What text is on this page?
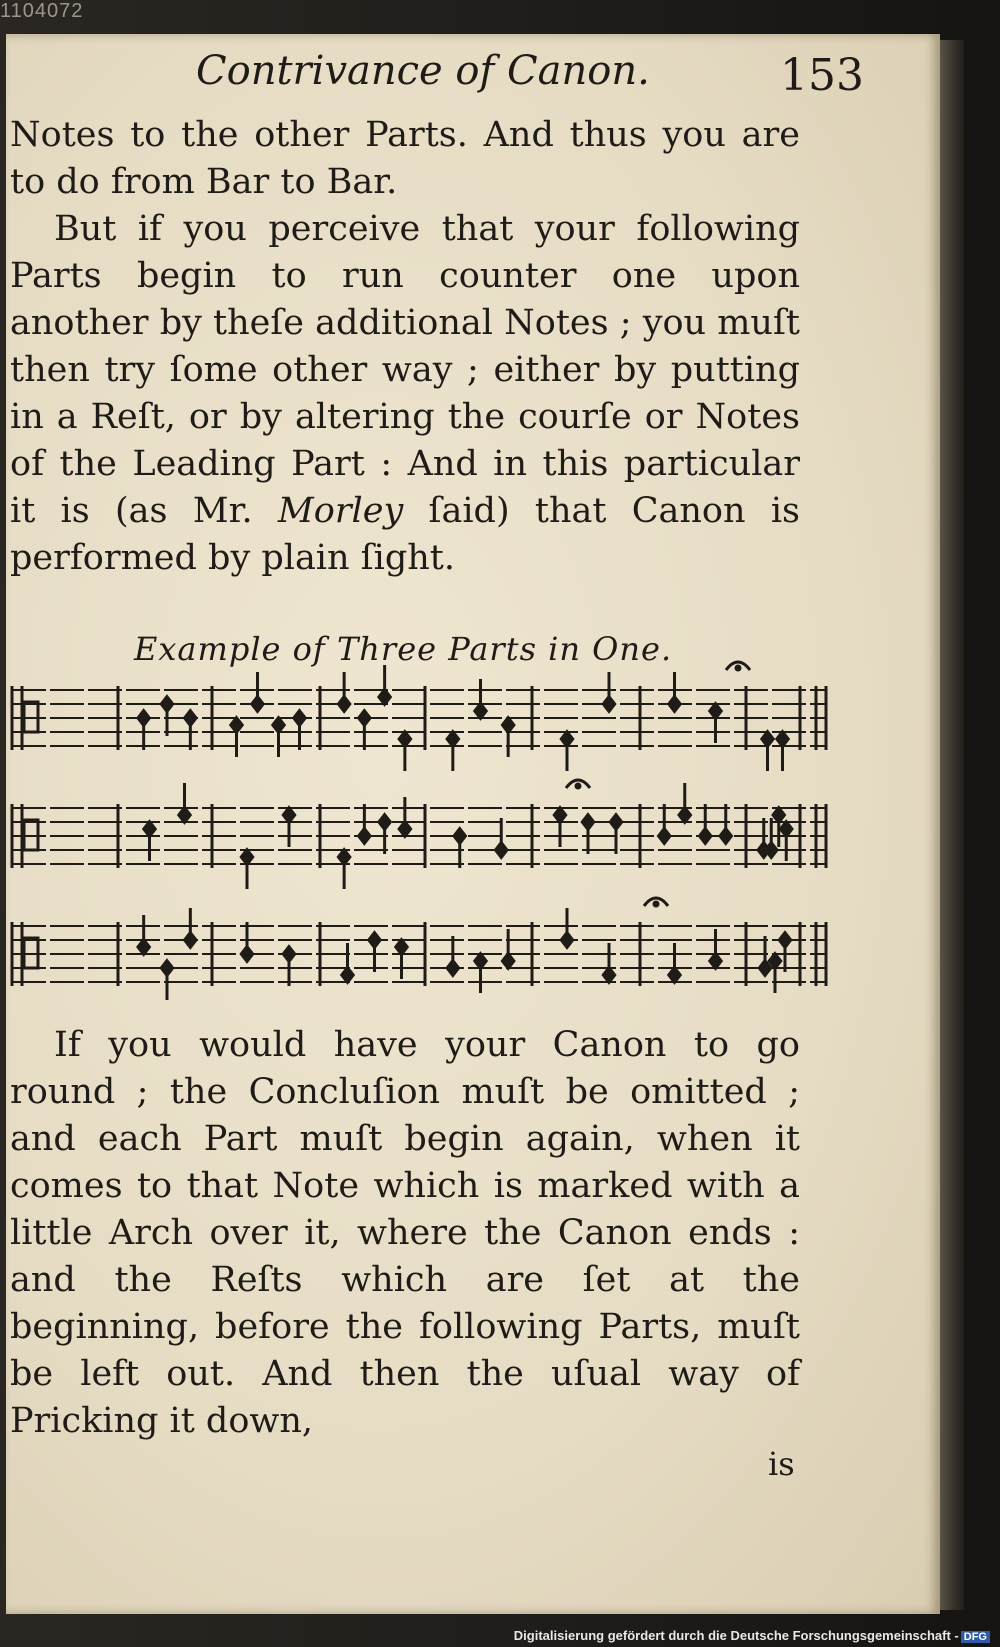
1104072
Contrivance of Canon.	153

Notes to the other Parts. And thus you are to do from Bar to Bar.

But if you perceive that your following Parts begin to run counter one upon another by theſe additional Notes ; you muſt then try ſome other way ; either by putting in a Reſt, or by altering the courſe or Notes of the Leading Part : And in this particular it is (as Mr. Morley ſaid) that Canon is performed by plain ſight.

Example of Three Parts in One.

If you would have your Canon to go round ; the Concluſion muſt be omitted ; and each Part muſt begin again, when it comes to that Note which is marked with a little Arch over it, where the Canon ends : and the Reſts which are ſet at the beginning, before the following Parts, muſt be left out. And then the uſual way of Pricking it down,

is
Digitalisierung gefördert durch die Deutsche Forschungsgemeinschaft - DFG
